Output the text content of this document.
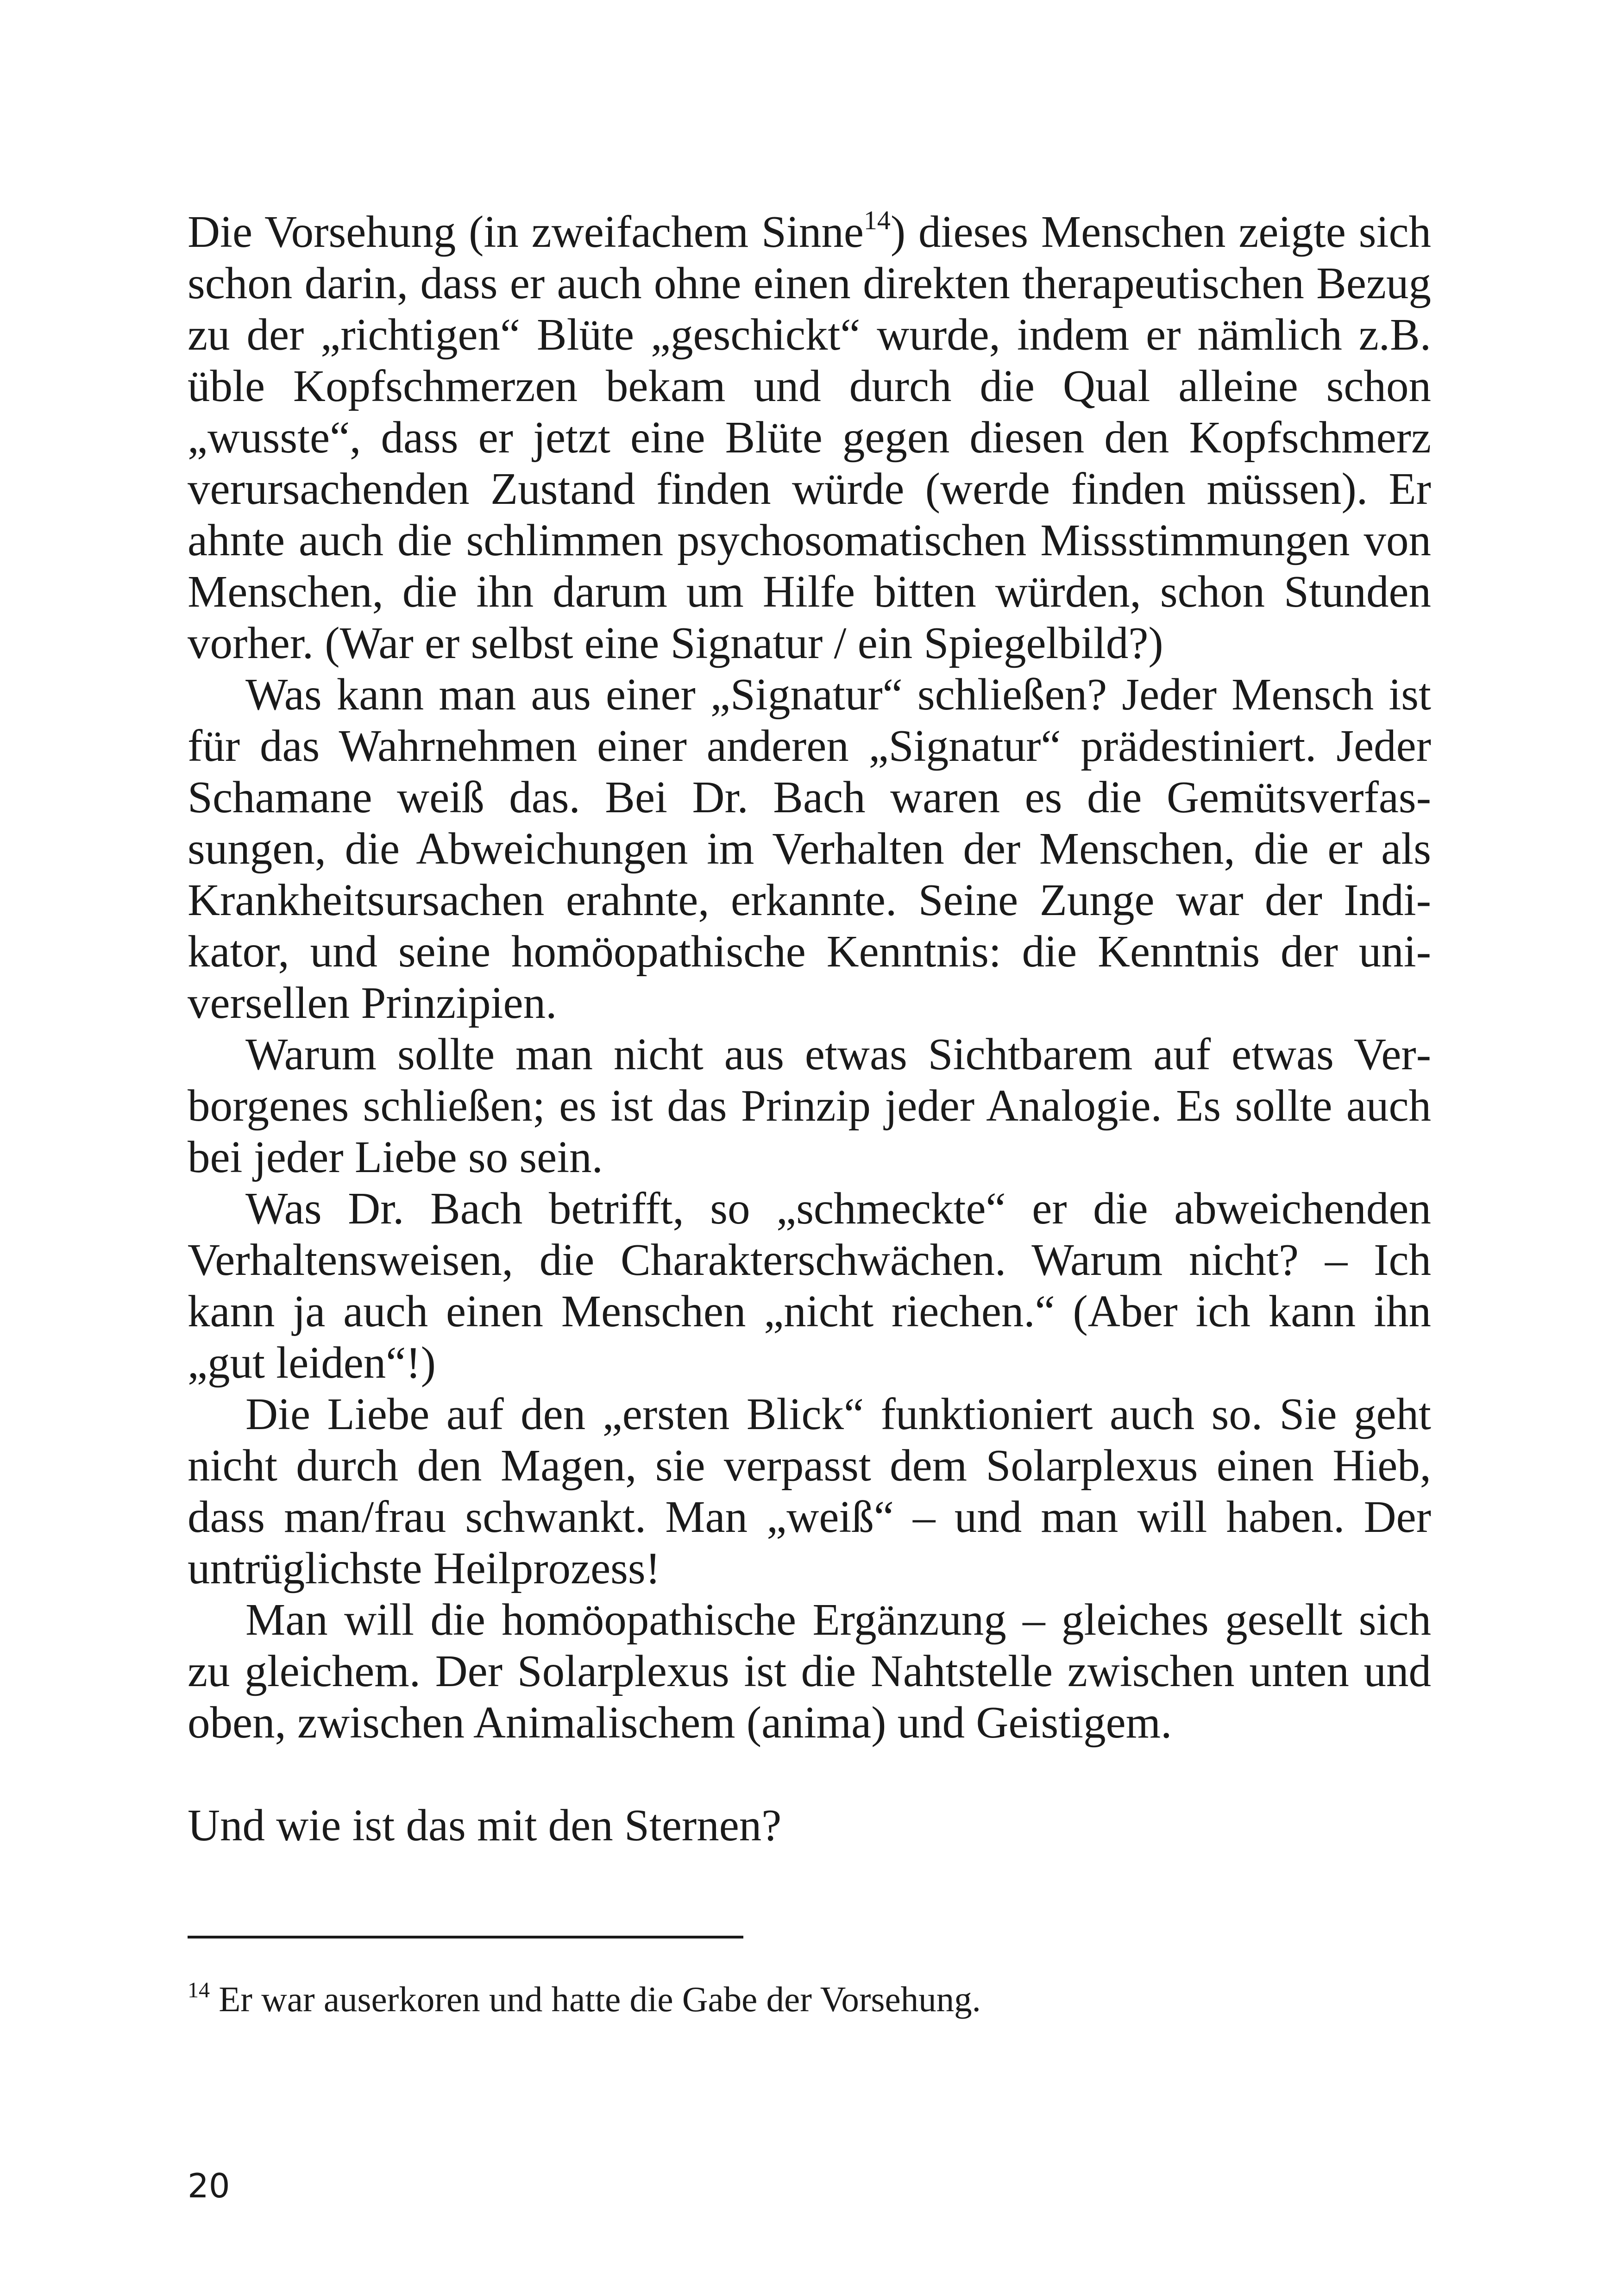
Die Vorsehung (in zweifachem Sinne$^{14}$) dieses Menschen zeigte sich schon darin, dass er auch ohne einen direkten therapeutischen Bezug zu der „richtigen“ Blüte „geschickt“ wurde, indem er nämlich z.B. üble Kopfschmerzen bekam und durch die Qual alleine schon „wusste“, dass er jetzt eine Blüte gegen diesen den Kopfschmerz verursachenden Zustand finden würde (werde finden müssen). Er ahnte auch die schlimmen psychosomatischen Missstimmungen von Menschen, die ihn darum um Hilfe bitten würden, schon Stunden vorher. (War er selbst eine Signatur / ein Spiegelbild?)

Was kann man aus einer „Signatur“ schließen? Jeder Mensch ist für das Wahrnehmen einer anderen „Signatur“ prädestiniert. Jeder Schamane weiß das. Bei Dr. Bach waren es die Gemütsverfassungen, die Abweichungen im Verhalten der Menschen, die er als Krankheitsursachen erahnte, erkannte. Seine Zunge war der Indikator, und seine homöopathische Kenntnis: die Kenntnis der universellen Prinzipien.

Warum sollte man nicht aus etwas Sichtbarem auf etwas Verborgenes schließen; es ist das Prinzip jeder Analogie. Es sollte auch bei jeder Liebe so sein.

Was Dr. Bach betrifft, so „schmeckte“ er die abweichenden Verhaltensweisen, die Charakterschwächen. Warum nicht? – Ich kann ja auch einen Menschen „nicht riechen.“ (Aber ich kann ihn „gut leiden“!)

Die Liebe auf den „ersten Blick“ funktioniert auch so. Sie geht nicht durch den Magen, sie verpasst dem Solarplexus einen Hieb, dass man/frau schwankt. Man „weiß“ – und man will haben. Der untrüglichste Heilprozess!

Man will die homöopathische Ergänzung – gleiches gesellt sich zu gleichem. Der Solarplexus ist die Nahtstelle zwischen unten und oben, zwischen Animalischem (anima) und Geistigem.

Und wie ist das mit den Sternen?

$^{14}$ Er war auserkoren und hatte die Gabe der Vorsehung.
20
